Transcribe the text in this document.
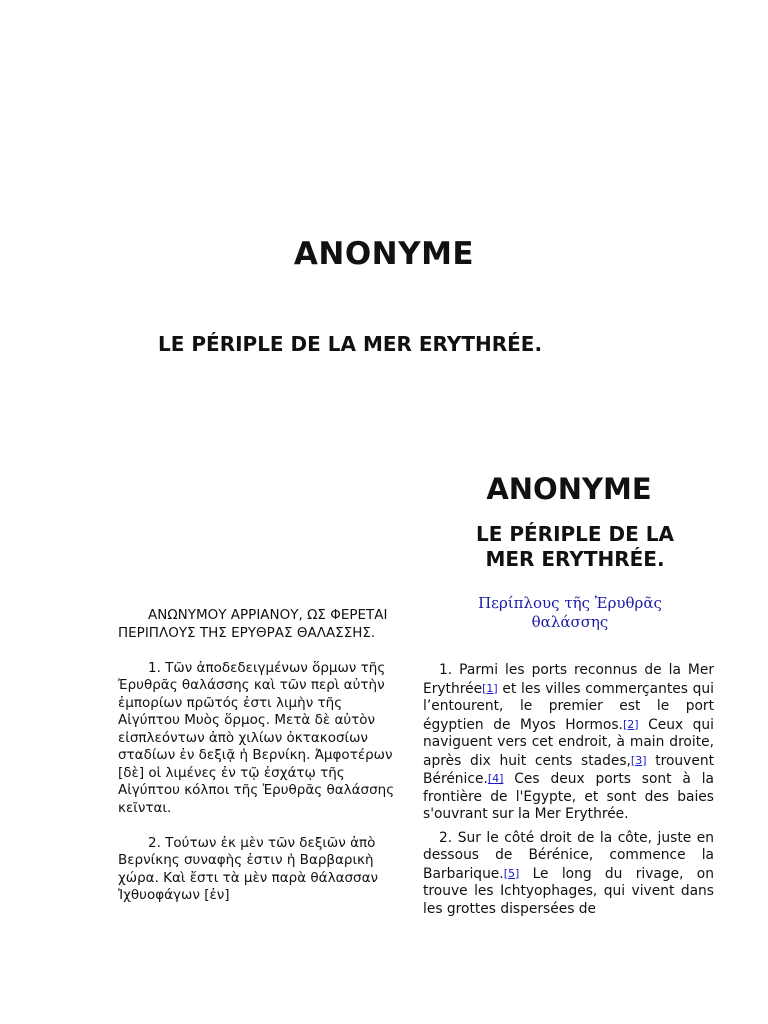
ANONYME
LE PÉRIPLE DE LA MER ERYTHRÉE.
ANONYME
LE PÉRIPLE DE LA
MER ERYTHRÉE.
Περίπλους τῆς Ἐρυθρᾶς
θαλάσσης

ΑΝΩΝΥΜΟΥ ΑΡΡΙΑΝΟΥ, ΩΣ ΦΕΡΕΤΑΙ ΠΕΡΙΠΛΟΥΣ ΤΗΣ ΕΡΥΘΡΑΣ ΘΑΛΑΣΣΗΣ.

1. Τῶν ἀποδεδειγμένων ὅρμων τῆς Ἐρυθρᾶς θαλάσσης καὶ τῶν περὶ αὐτὴν ἐμπορίων πρῶτός ἐστι λιμὴν τῆς Αἰγύπτου Μυὸς ὅρμος. Μετὰ δὲ αὐτὸν εἰσπλεόντων ἀπὸ χιλίων ὀκτακοσίων σταδίων ἐν δεξιᾷ ἡ Βερνίκη. Ἀμφοτέρων [δὲ] οἱ λιμένες ἐν τῷ ἐσχάτῳ τῆς Αἰγύπτου κόλποι τῆς Ἐρυθρᾶς θαλάσσης κεῖνται.

2. Τούτων ἐκ μὲν τῶν δεξιῶν ἀπὸ Βερνίκης συναφὴς ἐστιν ἡ Βαρβαρικὴ χώρα. Καὶ ἔστι τὰ μὲν παρὰ θάλασσαν Ἰχθυοφάγων [ἐν]

1. Parmi les ports reconnus de la Mer Erythrée[1] et les villes commerçantes qui l’entourent, le premier est le port égyptien de Myos Hormos.[2] Ceux qui naviguent vers cet endroit, à main droite, après dix huit cents stades,[3] trouvent Bérénice.[4] Ces deux ports sont à la frontière de l'Egypte, et sont des baies s'ouvrant sur la Mer Erythrée.

2. Sur le côté droit de la côte, juste en dessous de Bérénice, commence la Barbarique.[5] Le long du rivage, on trouve les Ichtyophages, qui vivent dans les grottes dispersées de
